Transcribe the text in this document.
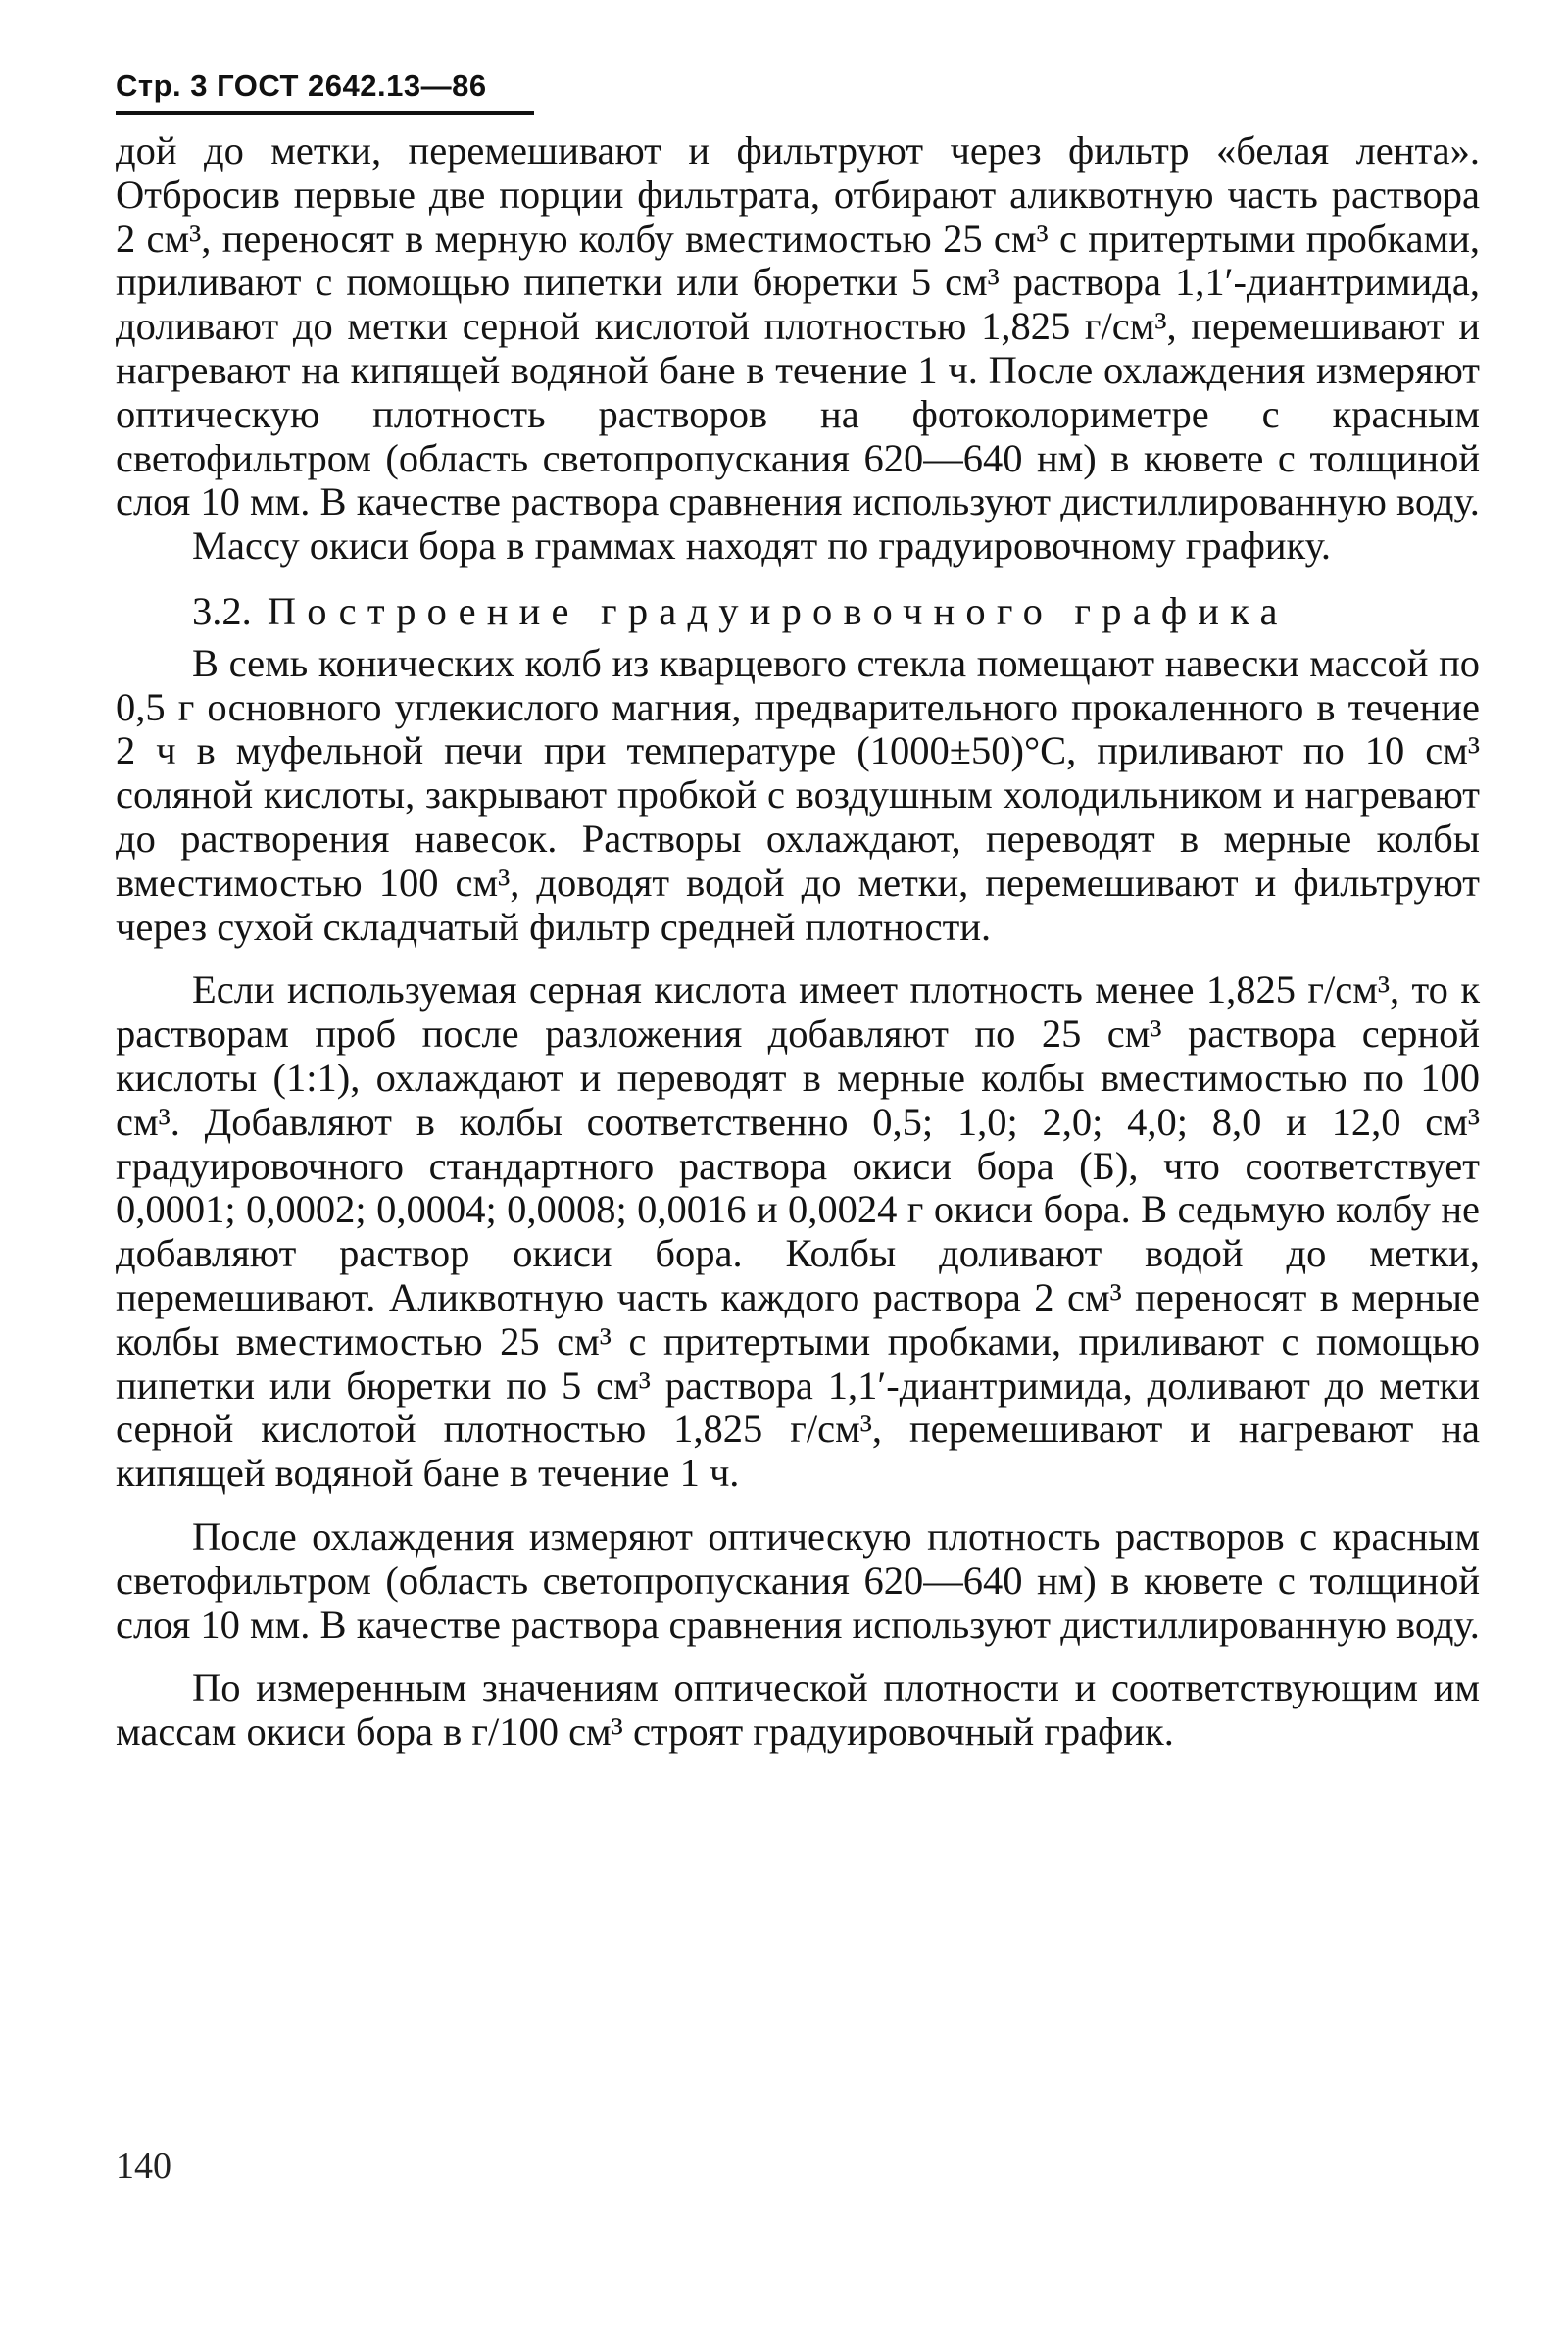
Стр. 3 ГОСТ 2642.13—86

дой до метки, перемешивают и фильтруют через фильтр «белая лента». Отбросив первые две порции фильтрата, отбирают аликвотную часть раствора 2 см³, переносят в мерную колбу вместимостью 25 см³ с притертыми пробками, приливают с помощью пипетки или бюретки 5 см³ раствора 1,1′-диантримида, доливают до метки серной кислотой плотностью 1,825 г/см³, перемешивают и нагревают на кипящей водяной бане в течение 1 ч. После охлаждения измеряют оптическую плотность растворов на фотоколориметре с красным светофильтром (область светопропускания 620—640 нм) в кювете с толщиной слоя 10 мм. В качестве раствора сравнения используют дистиллированную воду.

Массу окиси бора в граммах находят по градуировочному графику.

3.2. Построение градуировочного графика

В семь конических колб из кварцевого стекла помещают навески массой по 0,5 г основного углекислого магния, предварительного прокаленного в течение 2 ч в муфельной печи при температуре (1000±50)°С, приливают по 10 см³ соляной кислоты, закрывают пробкой с воздушным холодильником и нагревают до растворения навесок. Растворы охлаждают, переводят в мерные колбы вместимостью 100 см³, доводят водой до метки, перемешивают и фильтруют через сухой складчатый фильтр средней плотности.

Если используемая серная кислота имеет плотность менее 1,825 г/см³, то к растворам проб после разложения добавляют по 25 см³ раствора серной кислоты (1:1), охлаждают и переводят в мерные колбы вместимостью по 100 см³. Добавляют в колбы соответственно 0,5; 1,0; 2,0; 4,0; 8,0 и 12,0 см³ градуировочного стандартного раствора окиси бора (Б), что соответствует 0,0001; 0,0002; 0,0004; 0,0008; 0,0016 и 0,0024 г окиси бора. В седьмую колбу не добавляют раствор окиси бора. Колбы доливают водой до метки, перемешивают. Аликвотную часть каждого раствора 2 см³ переносят в мерные колбы вместимостью 25 см³ с притертыми пробками, приливают с помощью пипетки или бюретки по 5 см³ раствора 1,1′-диантримида, доливают до метки серной кислотой плотностью 1,825 г/см³, перемешивают и нагревают на кипящей водяной бане в течение 1 ч.

После охлаждения измеряют оптическую плотность растворов с красным светофильтром (область светопропускания 620—640 нм) в кювете с толщиной слоя 10 мм. В качестве раствора сравнения используют дистиллированную воду.

По измеренным значениям оптической плотности и соответствующим им массам окиси бора в г/100 см³ строят градуировочный график.

140
